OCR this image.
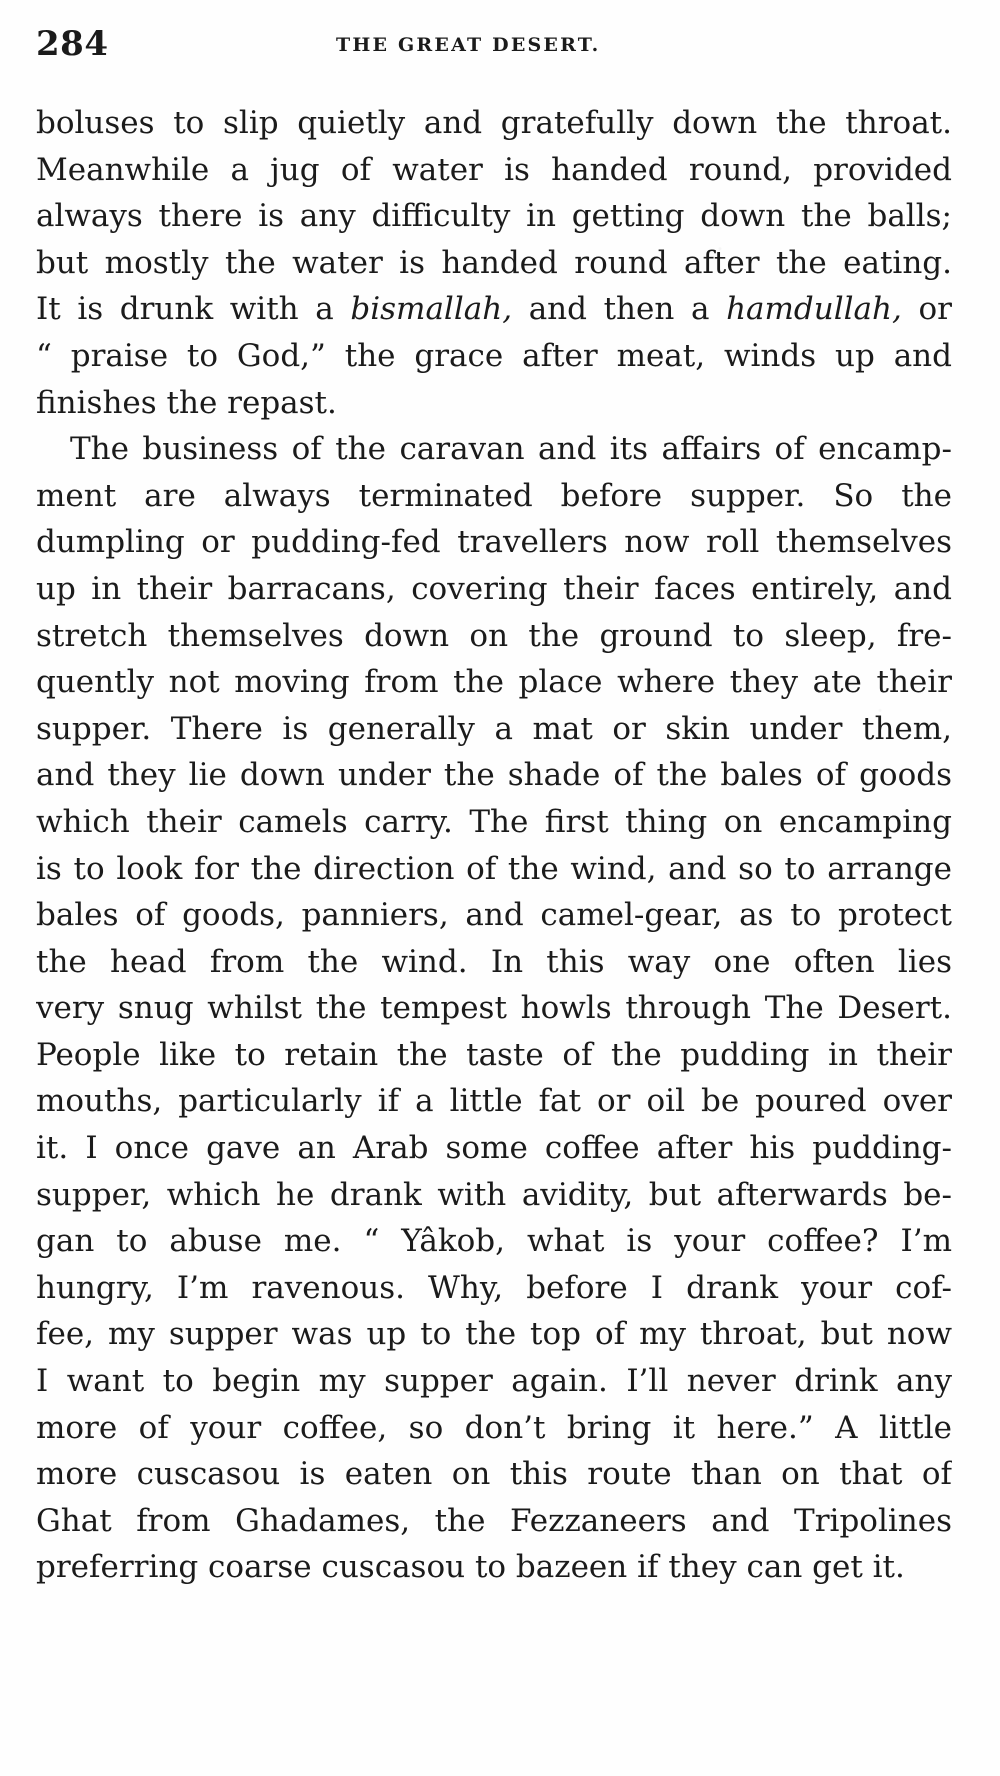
284	THE GREAT DESERT.
boluses to slip quietly and gratefully down the throat.
Meanwhile a jug of water is handed round, provided
always there is any difficulty in getting down the balls;
but mostly the water is handed round after the eating.
It is drunk with a bismallah, and then a hamdullah, or
“ praise to God,” the grace after meat, winds up and
finishes the repast.
The business of the caravan and its affairs of encamp-
ment are always terminated before supper. So the
dumpling or pudding-fed travellers now roll themselves
up in their barracans, covering their faces entirely, and
stretch themselves down on the ground to sleep, fre-
quently not moving from the place where they ate their
supper. There is generally a mat or skin under them,
and they lie down under the shade of the bales of goods
which their camels carry. The first thing on encamping
is to look for the direction of the wind, and so to arrange
bales of goods, panniers, and camel-gear, as to protect
the head from the wind. In this way one often lies
very snug whilst the tempest howls through The Desert.
People like to retain the taste of the pudding in their
mouths, particularly if a little fat or oil be poured over
it. I once gave an Arab some coffee after his pudding-
supper, which he drank with avidity, but afterwards be-
gan to abuse me. “ Yâkob, what is your coffee? I’m
hungry, I’m ravenous. Why, before I drank your cof-
fee, my supper was up to the top of my throat, but now
I want to begin my supper again. I’ll never drink any
more of your coffee, so don’t bring it here.” A little
more cuscasou is eaten on this route than on that of
Ghat from Ghadames, the Fezzaneers and Tripolines
preferring coarse cuscasou to bazeen if they can get it.
